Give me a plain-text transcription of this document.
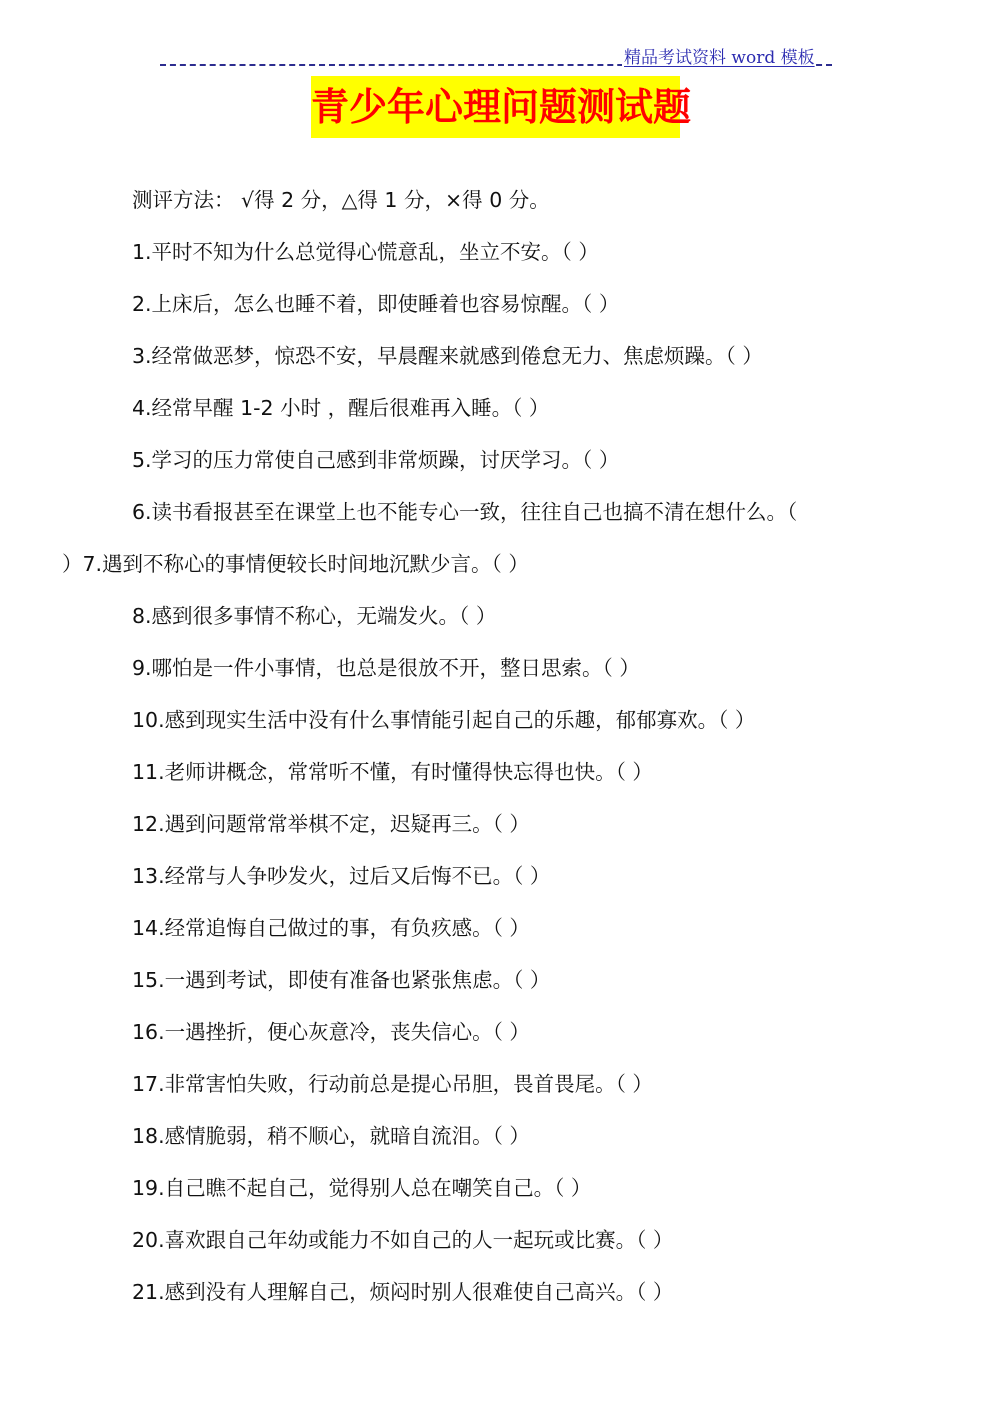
精品考试资料 word 模板
青少年心理问题测试题
测评方法： √得 2 分，△得 1 分，×得 0 分。
1.平时不知为什么总觉得心慌意乱，坐立不安。（ ）
2.上床后，怎么也睡不着，即使睡着也容易惊醒。（ ）
3.经常做恶梦，惊恐不安，早晨醒来就感到倦怠无力、焦虑烦躁。（ ）
4.经常早醒 1-2 小时 ，醒后很难再入睡。（ ）
5.学习的压力常使自己感到非常烦躁，讨厌学习。（ ）
6.读书看报甚至在课堂上也不能专心一致，往往自己也搞不清在想什么。（
）7.遇到不称心的事情便较长时间地沉默少言。（ ）
8.感到很多事情不称心，无端发火。（ ）
9.哪怕是一件小事情，也总是很放不开，整日思索。（ ）
10.感到现实生活中没有什么事情能引起自己的乐趣，郁郁寡欢。（ ）
11.老师讲概念，常常听不懂，有时懂得快忘得也快。（ ）
12.遇到问题常常举棋不定，迟疑再三。（ ）
13.经常与人争吵发火，过后又后悔不已。（ ）
14.经常追悔自己做过的事，有负疚感。（ ）
15.一遇到考试，即使有准备也紧张焦虑。（ ）
16.一遇挫折，便心灰意冷，丧失信心。（ ）
17.非常害怕失败，行动前总是提心吊胆，畏首畏尾。（ ）
18.感情脆弱，稍不顺心，就暗自流泪。（ ）
19.自己瞧不起自己，觉得别人总在嘲笑自己。（ ）
20.喜欢跟自己年幼或能力不如自己的人一起玩或比赛。（ ）
21.感到没有人理解自己，烦闷时别人很难使自己高兴。（ ）
